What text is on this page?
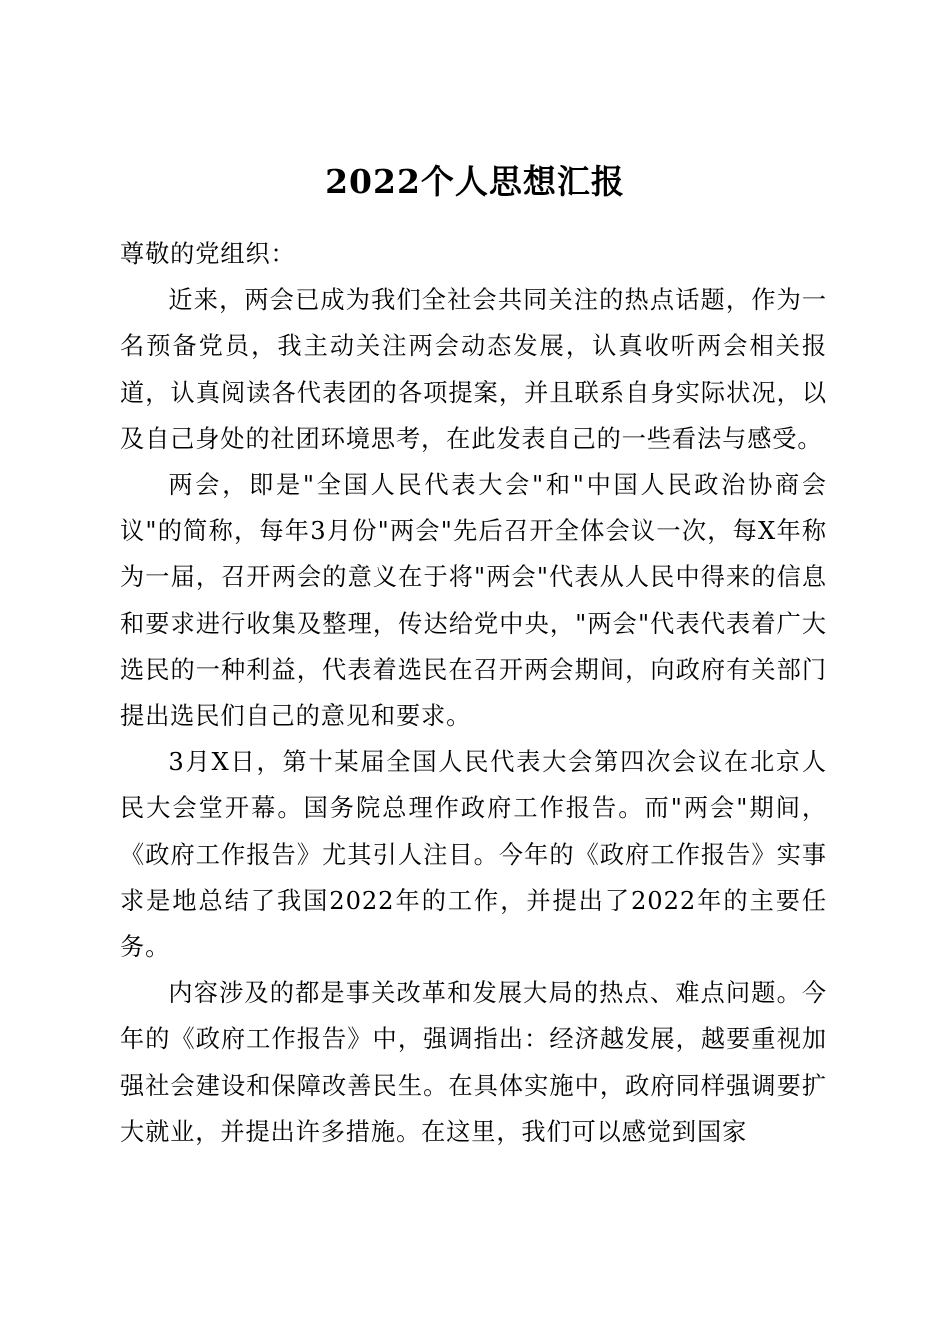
2022个人思想汇报

尊敬的党组织：

近来，两会已成为我们全社会共同关注的热点话题，作为一名预备党员，我主动关注两会动态发展，认真收听两会相关报道，认真阅读各代表团的各项提案，并且联系自身实际状况，以及自己身处的社团环境思考，在此发表自己的一些看法与感受。

两会，即是"全国人民代表大会"和"中国人民政治协商会议"的简称，每年3月份"两会"先后召开全体会议一次，每X年称为一届，召开两会的意义在于将"两会"代表从人民中得来的信息和要求进行收集及整理，传达给党中央，"两会"代表代表着广大选民的一种利益，代表着选民在召开两会期间，向政府有关部门提出选民们自己的意见和要求。

3月X日，第十某届全国人民代表大会第四次会议在北京人民大会堂开幕。国务院总理作政府工作报告。而"两会"期间，《政府工作报告》尤其引人注目。今年的《政府工作报告》实事求是地总结了我国2022年的工作，并提出了2022年的主要任务。

内容涉及的都是事关改革和发展大局的热点、难点问题。今年的《政府工作报告》中，强调指出：经济越发展，越要重视加强社会建设和保障改善民生。在具体实施中，政府同样强调要扩大就业，并提出许多措施。在这里，我们可以感觉到国家
